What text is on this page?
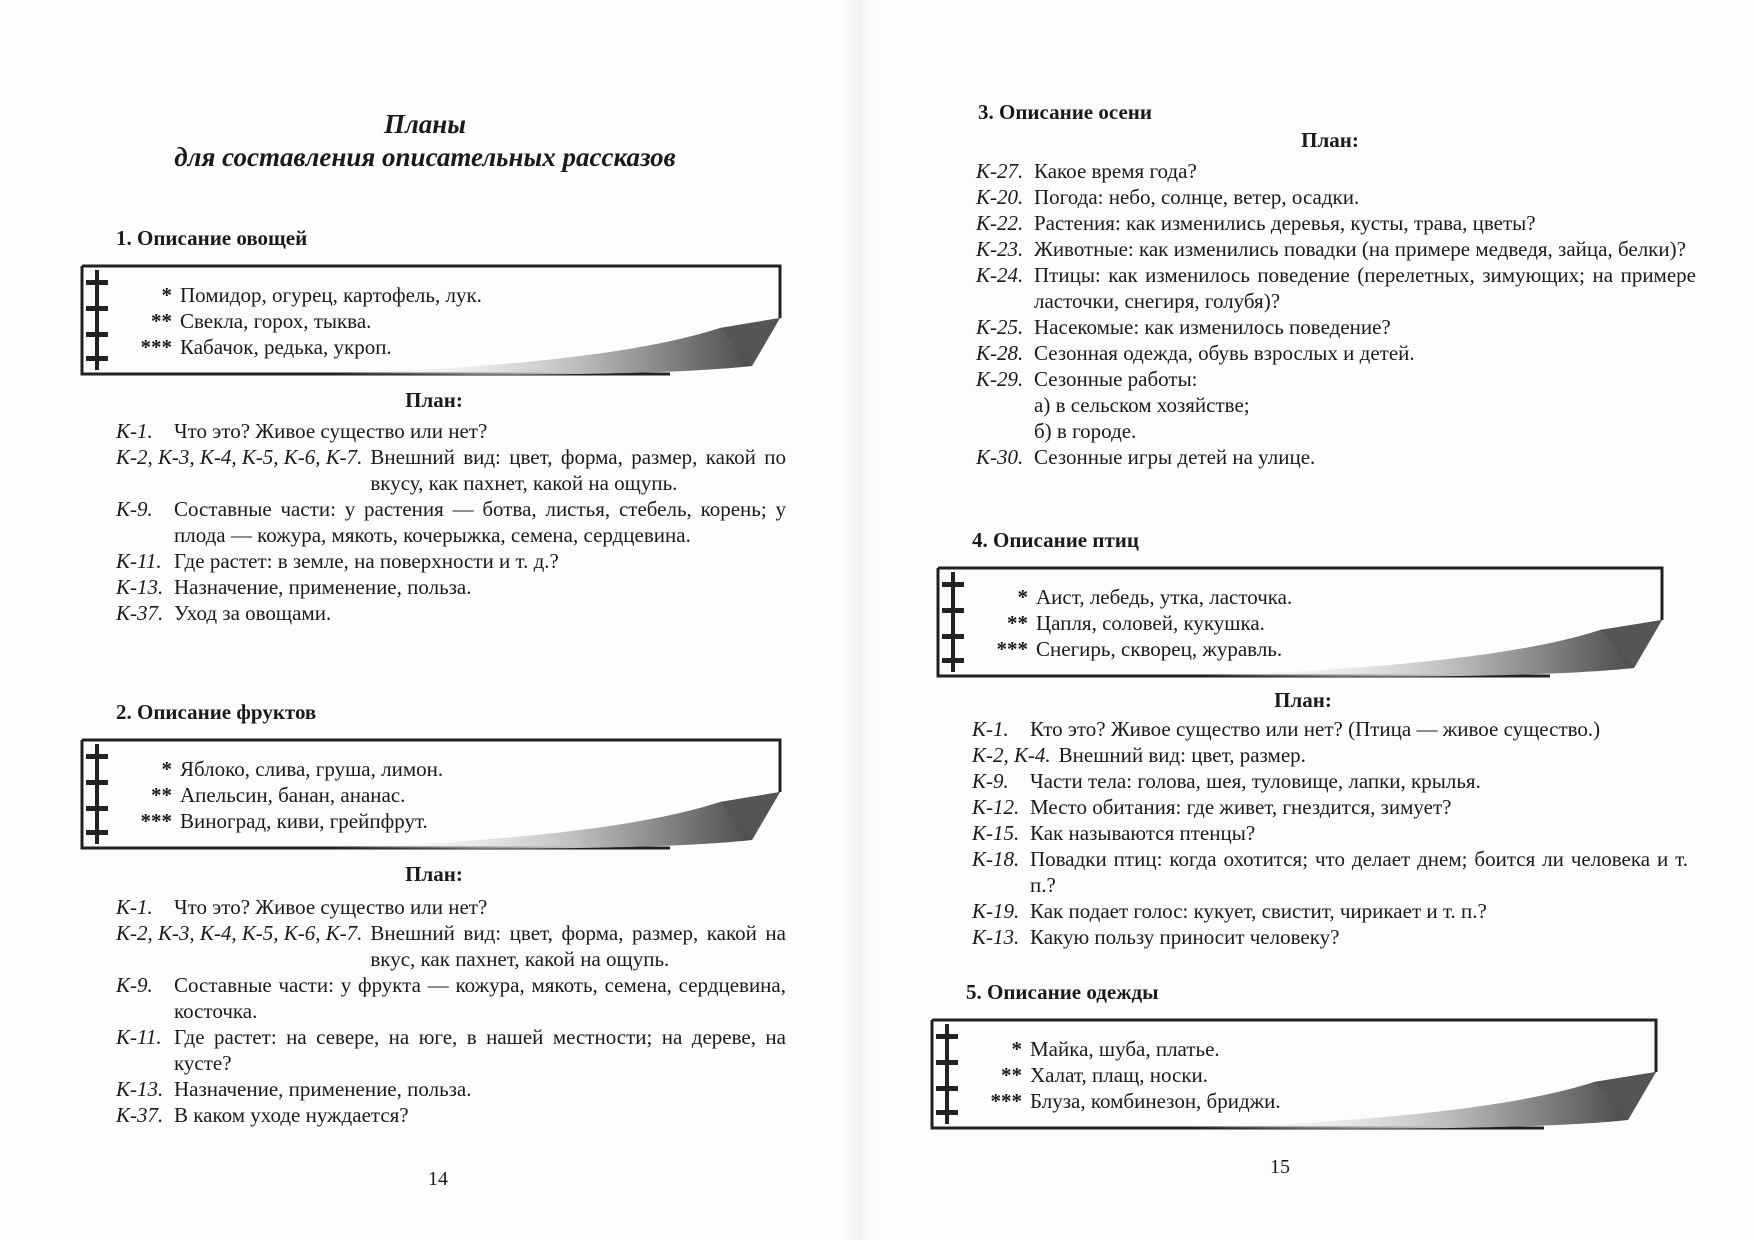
Планы
для составления описательных рассказов
1. Описание овощей
* Помидор, огурец, картофель, лук.
** Свекла, горох, тыква.
*** Кабачок, редька, укроп.
План:
К-1.	Что это? Живое существо или нет?
К-2, К-3, К-4, К-5, К-6, К-7. Внешний вид: цвет, форма, размер, какой по вкусу, как пахнет, какой на ощупь.
К-9.	Составные части: у растения — ботва, листья, стебель, корень; у плода — кожура, мякоть, кочерыжка, семена, сердцевина.
К-11. Где растет: в земле, на поверхности и т. д.?
К-13. Назначение, применение, польза.
К-37. Уход за овощами.
2. Описание фруктов
* Яблоко, слива, груша, лимон.
** Апельсин, банан, ананас.
*** Виноград, киви, грейпфрут.
План:
К-1.	Что это? Живое существо или нет?
К-2, К-3, К-4, К-5, К-6, К-7. Внешний вид: цвет, форма, размер, какой на вкус, как пахнет, какой на ощупь.
К-9.	Составные части: у фрукта — кожура, мякоть, семена, сердцевина, косточка.
К-11. Где растет: на севере, на юге, в нашей местности; на дереве, на кусте?
К-13. Назначение, применение, польза.
К-37. В каком уходе нуждается?
14
3. Описание осени
План:
К-27. Какое время года?
К-20. Погода: небо, солнце, ветер, осадки.
К-22. Растения: как изменились деревья, кусты, трава, цветы?
К-23. Животные: как изменились повадки (на примере медведя, зайца, белки)?
К-24. Птицы: как изменилось поведение (перелетных, зимующих; на примере ласточки, снегиря, голубя)?
К-25. Насекомые: как изменилось поведение?
К-28. Сезонная одежда, обувь взрослых и детей.
К-29. Сезонные работы:
а) в сельском хозяйстве;
б) в городе.
К-30. Сезонные игры детей на улице.
4. Описание птиц
* Аист, лебедь, утка, ласточка.
** Цапля, соловей, кукушка.
*** Снегирь, скворец, журавль.
План:
К-1.	Кто это? Живое существо или нет? (Птица — живое существо.)
К-2, К-4. Внешний вид: цвет, размер.
К-9.	Части тела: голова, шея, туловище, лапки, крылья.
К-12. Место обитания: где живет, гнездится, зимует?
К-15. Как называются птенцы?
К-18. Повадки птиц: когда охотится; что делает днем; боится ли человека и т. п.?
К-19. Как подает голос: кукует, свистит, чирикает и т. п.?
К-13. Какую пользу приносит человеку?
5. Описание одежды
* Майка, шуба, платье.
** Халат, плащ, носки.
*** Блуза, комбинезон, бриджи.
15
